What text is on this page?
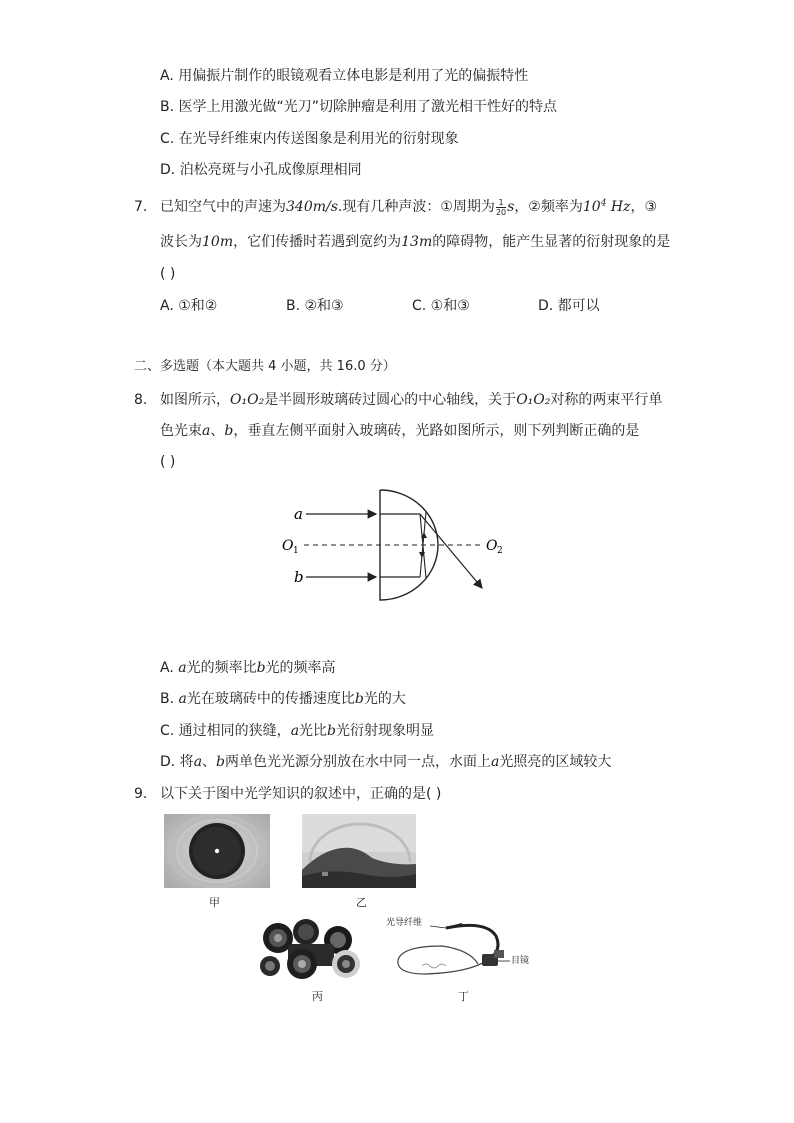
A. 用偏振片制作的眼镜观看立体电影是利用了光的偏振特性
B. 医学上用激光做“光刀”切除肿瘤是利用了激光相干性好的特点
C. 在光导纤维束内传送图象是利用光的衍射现象
D. 泊松亮斑与小孔成像原理相同
7. 已知空气中的声速为340m/s.现有几种声波：①周期为 $\frac{1}{20}$ s，②频率为$10^4$ Hz，③
波长为10m，它们传播时若遇到宽约为13m的障碍物，能产生显著的衍射现象的是
( )
A. ①和②	B. ②和③	C. ①和③	D. 都可以
二、多选题（本大题共 4 小题，共 16.0 分）
8. 如图所示，O₁O₂是半圆形玻璃砖过圆心的中心轴线，关于O₁O₂对称的两束平行单
色光束a、b，垂直左侧平面射入玻璃砖，光路如图所示，则下列判断正确的是
( )
a
b
O 1	O 2
A. a光的频率比b光的频率高
B. a光在玻璃砖中的传播速度比b光的大
C. 通过相同的狭缝，a光比b光衍射现象明显
D. 将a、b两单色光光源分别放在水中同一点，水面上a光照亮的区域较大
9. 以下关于图中光学知识的叙述中，正确的是( )
甲	乙
丙
光导纤维
目镜
丁
